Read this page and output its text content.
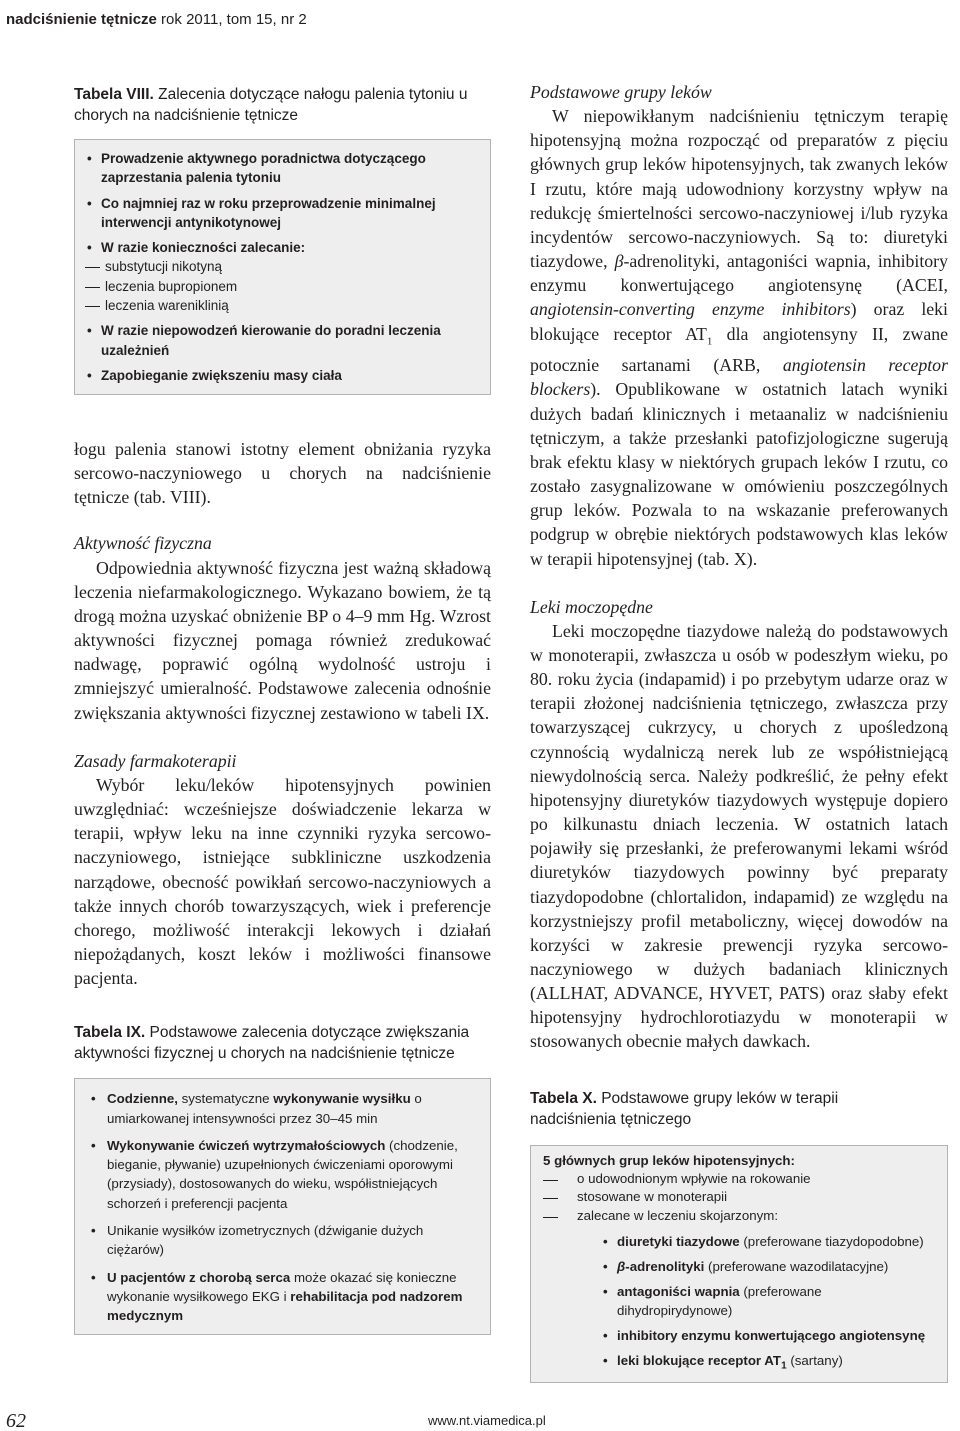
nadciśnienie tętnicze rok 2011, tom 15, nr 2
Tabela VIII. Zalecenia dotyczące nałogu palenia tytoniu u chorych na nadciśnienie tętnicze
• Prowadzenie aktywnego poradnictwa dotyczącego zaprzestania palenia tytoniu
• Co najmniej raz w roku przeprowadzenie minimalnej interwencji antynikotynowej
• W razie konieczności zalecanie:
substytucji nikotyną
leczenia bupropionem
leczenia wareniklinią
• W razie niepowodzeń kierowanie do poradni leczenia uzależnień
• Zapobieganie zwiększeniu masy ciała

łogu palenia stanowi istotny element obniżania ryzyka sercowo-naczyniowego u chorych na nadciśnienie tętnicze (tab. VIII).

Aktywność fizyczna

Odpowiednia aktywność fizyczna jest ważną składową leczenia niefarmakologicznego. Wykazano bowiem, że tą drogą można uzyskać obniżenie BP o 4–9 mm Hg. Wzrost aktywności fizycznej pomaga również zredukować nadwagę, poprawić ogólną wydolność ustroju i zmniejszyć umieralność. Podstawowe zalecenia odnośnie zwiększania aktywności fizycznej zestawiono w tabeli IX.

Zasady farmakoterapii

Wybór leku/leków hipotensyjnych powinien uwzględniać: wcześniejsze doświadczenie lekarza w terapii, wpływ leku na inne czynniki ryzyka sercowo-naczyniowego, istniejące subkliniczne uszkodzenia narządowe, obecność powikłań sercowo-naczyniowych a także innych chorób towarzyszących, wiek i preferencje chorego, możliwość interakcji lekowych i działań niepożądanych, koszt leków i możliwości finansowe pacjenta.

Tabela IX. Podstawowe zalecenia dotyczące zwiększania aktywności fizycznej u chorych na nadciśnienie tętnicze
• Codzienne, systematyczne wykonywanie wysiłku o umiarkowanej intensywności przez 30–45 min
• Wykonywanie ćwiczeń wytrzymałościowych (chodzenie, bieganie, pływanie) uzupełnionych ćwiczeniami oporowymi (przysiady), dostosowanych do wieku, współistniejących schorzeń i preferencji pacjenta
• Unikanie wysiłków izometrycznych (dźwiganie dużych ciężarów)
• U pacjentów z chorobą serca może okazać się konieczne wykonanie wysiłkowego EKG i rehabilitacja pod nadzorem medycznym
Podstawowe grupy leków

W niepowikłanym nadciśnieniu tętniczym terapię hipotensyjną można rozpocząć od preparatów z pięciu głównych grup leków hipotensyjnych, tak zwanych leków I rzutu, które mają udowodniony korzystny wpływ na redukcję śmiertelności sercowo-naczyniowej i/lub ryzyka incydentów sercowo-naczyniowych. Są to: diuretyki tiazydowe, β-adrenolityki, antagoniści wapnia, inhibitory enzymu konwertującego angiotensynę (ACEI, angiotensin-converting enzyme inhibitors) oraz leki blokujące receptor $AT_1$ dla angiotensyny II, zwane potocznie sartanami (ARB, angiotensin receptor blockers). Opublikowane w ostatnich latach wyniki dużych badań klinicznych i metaanaliz w nadciśnieniu tętniczym, a także przesłanki patofizjologiczne sugerują brak efektu klasy w niektórych grupach leków I rzutu, co zostało zasygnalizowane w omówieniu poszczególnych grup leków. Pozwala to na wskazanie preferowanych podgrup w obrębie niektórych podstawowych klas leków w terapii hipotensyjnej (tab. X).

Leki moczopędne

Leki moczopędne tiazydowe należą do podstawowych w monoterapii, zwłaszcza u osób w podeszłym wieku, po 80. roku życia (indapamid) i po przebytym udarze oraz w terapii złożonej nadciśnienia tętniczego, zwłaszcza przy towarzyszącej cukrzycy, u chorych z upośledzoną czynnością wydalniczą nerek lub ze współistniejącą niewydolnością serca. Należy podkreślić, że pełny efekt hipotensyjny diuretyków tiazydowych występuje dopiero po kilkunastu dniach leczenia. W ostatnich latach pojawiły się przesłanki, że preferowanymi lekami wśród diuretyków tiazydowych powinny być preparaty tiazydopodobne (chlortalidon, indapamid) ze względu na korzystniejszy profil metaboliczny, więcej dowodów na korzyści w zakresie prewencji ryzyka sercowo-naczyniowego w dużych badaniach klinicznych (ALLHAT, ADVANCE, HYVET, PATS) oraz słaby efekt hipotensyjny hydrochlorotiazydu w monoterapii w stosowanych obecnie małych dawkach.

Tabela X. Podstawowe grupy leków w terapii nadciśnienia tętniczego
5 głównych grup leków hipotensyjnych:
o udowodnionym wpływie na rokowanie
stosowane w monoterapii
zalecane w leczeniu skojarzonym:
• diuretyki tiazydowe (preferowane tiazydopodobne)
• β-adrenolityki (preferowane wazodilatacyjne)
• antagoniści wapnia (preferowane dihydropirydynowe)
• inhibitory enzymu konwertującego angiotensynę
• leki blokujące receptor $AT_1$ (sartany)
62	www.nt.viamedica.pl
